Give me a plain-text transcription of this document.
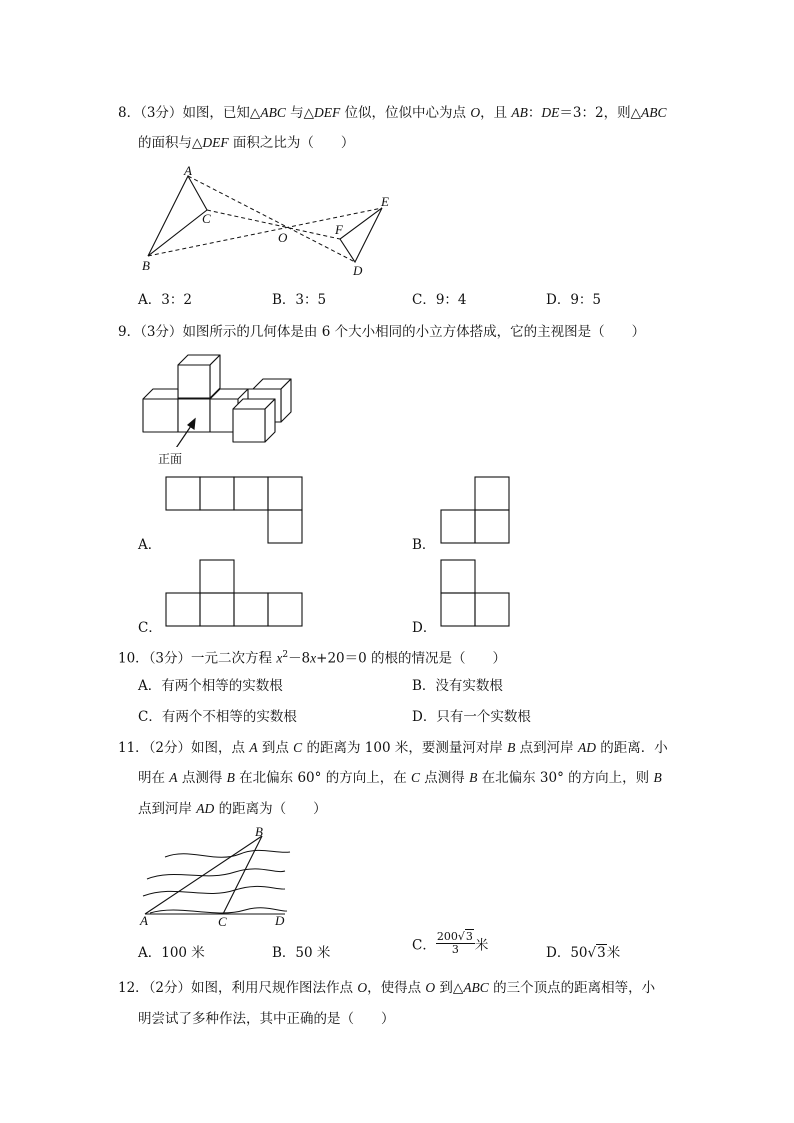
8．（3分）如图，已知△ABC 与△DEF 位似，位似中心为点 O，且 AB：DE＝3：2，则△ABC
的面积与△DEF 面积之比为（　　）
A
B
C
O
E
F
D
A．3：2	B．3：5	C．9：4	D．9：5
9．（3分）如图所示的几何体是由 6 个大小相同的小立方体搭成，它的主视图是（　　）
正面
A．	B．
C．	D．
10．（3分）一元二次方程 $x^2-8x+20=0$ 的根的情况是（　　）
A．有两个相等的实数根	B．没有实数根
C．有两个不相等的实数根	D．只有一个实数根
11．（2分）如图，点 A 到点 C 的距离为 100 米，要测量河对岸 B 点到河岸 AD 的距离．小
明在 A 点测得 B 在北偏东 60° 的方向上，在 C 点测得 B 在北偏东 30° 的方向上，则 B
点到河岸 AD 的距离为（　　）
B
A	C	D
A．100 米	B．50 米	C． $\frac{200√3}{3}$ 米	D．50√3米
12．（2分）如图，利用尺规作图法作点 O，使得点 O 到△ABC 的三个顶点的距离相等，小
明尝试了多种作法，其中正确的是（　　）
